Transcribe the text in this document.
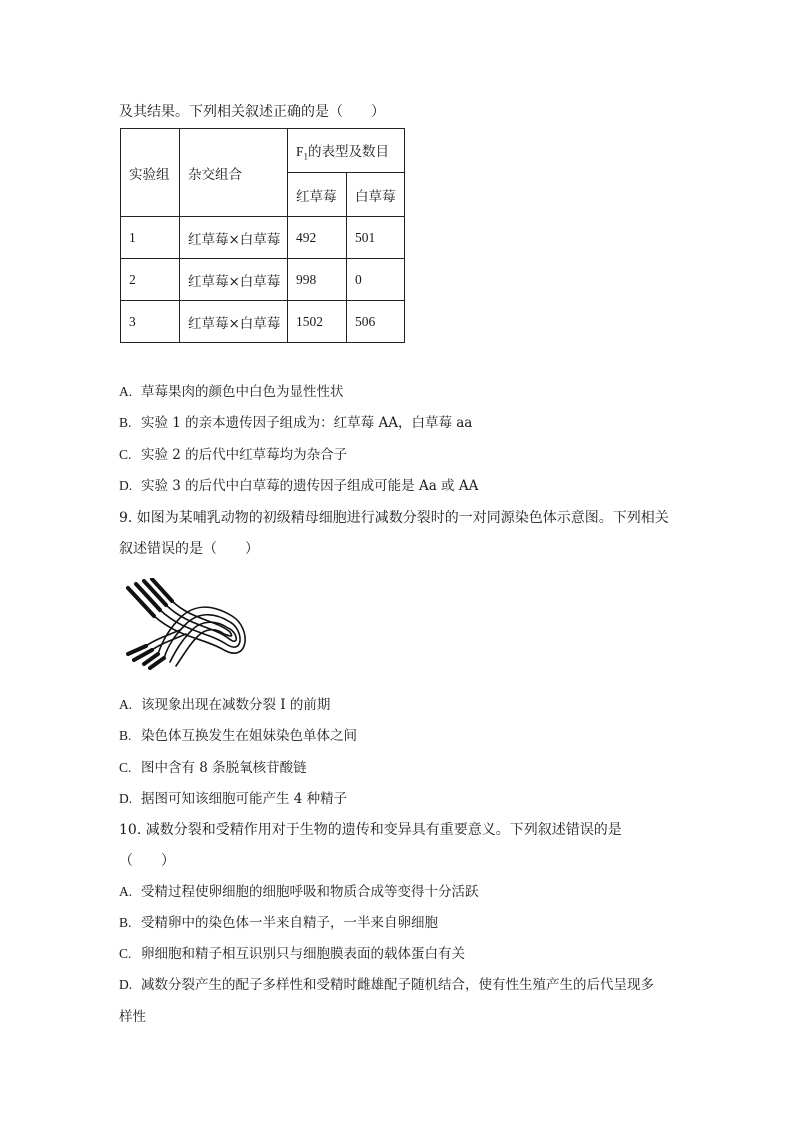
及其结果。下列相关叙述正确的是（　　）
实验组	杂交组合	$F_1$的表型及数目	
		红草莓	白草莓
1	红草莓×白草莓	492	501
2	红草莓×白草莓	998	0
3	红草莓×白草莓	1502	506
A. 草莓果肉的颜色中白色为显性性状
B. 实验 1 的亲本遗传因子组成为：红草莓 AA，白草莓 aa
C. 实验 2 的后代中红草莓均为杂合子
D. 实验 3 的后代中白草莓的遗传因子组成可能是 Aa 或 AA
9. 如图为某哺乳动物的初级精母细胞进行减数分裂时的一对同源染色体示意图。下列相关
叙述错误的是（　　）
A. 该现象出现在减数分裂 I 的前期
B. 染色体互换发生在姐妹染色单体之间
C. 图中含有 8 条脱氧核苷酸链
D. 据图可知该细胞可能产生 4 种精子
10. 减数分裂和受精作用对于生物的遗传和变异具有重要意义。下列叙述错误的是
（　　）
A. 受精过程使卵细胞的细胞呼吸和物质合成等变得十分活跃
B. 受精卵中的染色体一半来自精子，一半来自卵细胞
C. 卵细胞和精子相互识别只与细胞膜表面的载体蛋白有关
D. 减数分裂产生的配子多样性和受精时雌雄配子随机结合，使有性生殖产生的后代呈现多
样性
